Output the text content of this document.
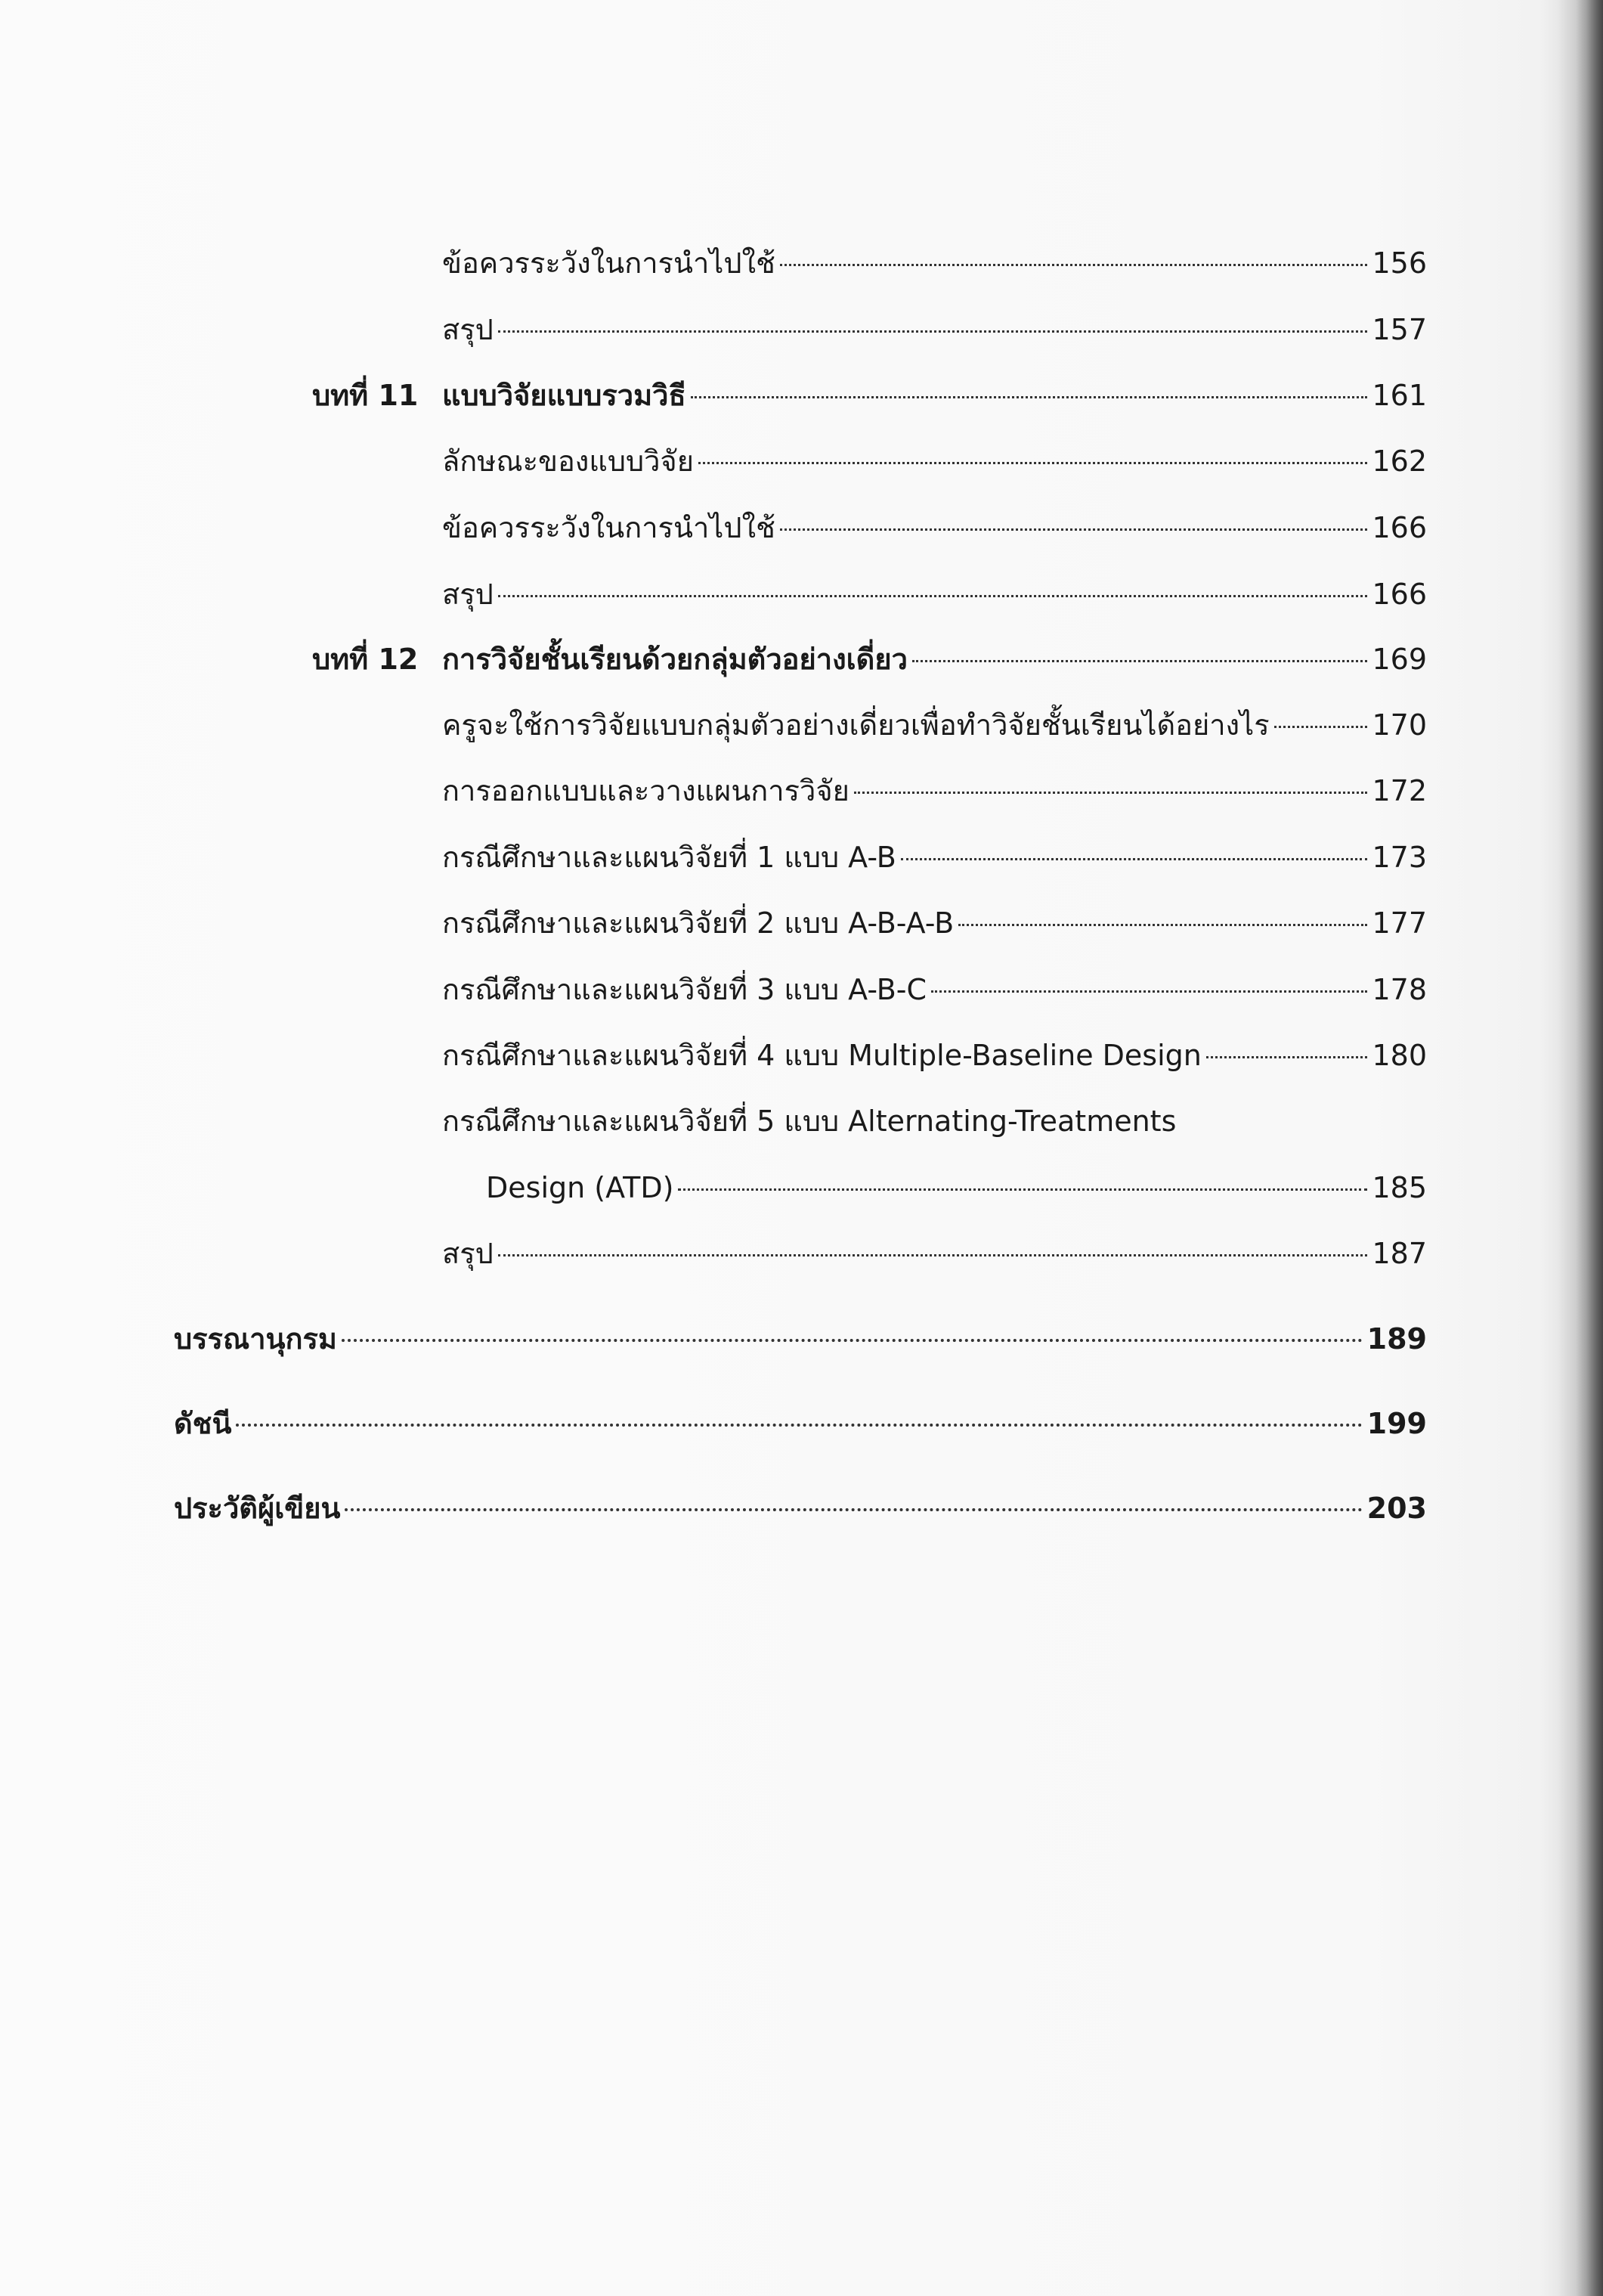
ข้อควรระวังในการนำไปใช้	156
สรุป	157
บทที่ 11 แบบวิจัยแบบรวมวิธี	161
ลักษณะของแบบวิจัย	162
ข้อควรระวังในการนำไปใช้	166
สรุป	166
บทที่ 12 การวิจัยชั้นเรียนด้วยกลุ่มตัวอย่างเดี่ยว	169
ครูจะใช้การวิจัยแบบกลุ่มตัวอย่างเดี่ยวเพื่อทำวิจัยชั้นเรียนได้อย่างไร	170
การออกแบบและวางแผนการวิจัย	172
กรณีศึกษาและแผนวิจัยที่ 1 แบบ A-B	173
กรณีศึกษาและแผนวิจัยที่ 2 แบบ A-B-A-B	177
กรณีศึกษาและแผนวิจัยที่ 3 แบบ A-B-C	178
กรณีศึกษาและแผนวิจัยที่ 4 แบบ Multiple-Baseline Design	180
กรณีศึกษาและแผนวิจัยที่ 5 แบบ Alternating-Treatments
Design (ATD)	185
สรุป	187
บรรณานุกรม	189
ดัชนี	199
ประวัติผู้เขียน	203
